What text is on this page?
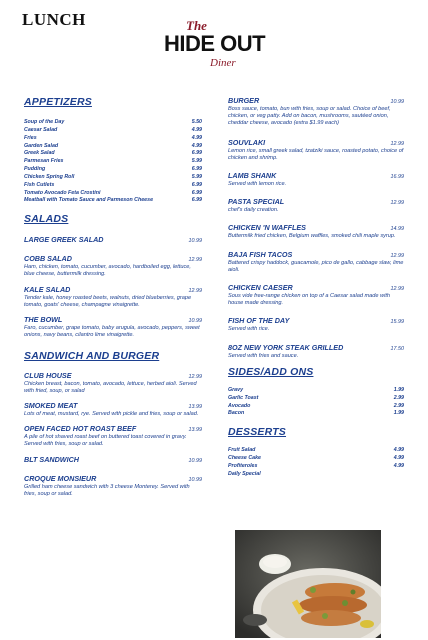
LUNCH	The
HIDE OUT
Diner
APPETIZERS
Soup of the Day	5.50
Caesar Salad	4.99
Fries	4.99
Garden Salad	4.99
Greek Salad	6.99
Parmesan Fries	5.99
Pudding	6.99
Chicken Spring Roll	5.99
Fish Cutlets	6.99
Tomato Avocado Feta Crostini	6.99
Meatball with Tomato Sauce and Parmeson Cheese	6.99
SALADS
LARGE GREEK SALAD	10.99
COBB SALAD	12.99
Ham, chicken, tomato, cucumber, avocado, hardboiled egg, lettuce, blue cheese, buttermilk dressing.
KALE SALAD	12.99
Tender kale, honey roasted beets, walnuts, dried blueberries, grape tomato, goats' cheese, champagne vinaigrette.
THE BOWL	10.99
Faro, cucumber, grape tomato, baby arugula, avocado, peppers, sweet onions, navy beans, cilantro lime vinaigrette.
SANDWICH AND BURGER
CLUB HOUSE	12.99
Chicken breast, bacon, tomato, avocado, lettuce, herbed aioli. Served with fried, soup, or salad
SMOKED MEAT	13.99
Lots of meat, mustard, rye. Served with pickle and fries, soup or salad.
OPEN FACED HOT ROAST BEEF	13.99
A pile of hot shaved roast beef on buttered toast covered in gravy. Served with fries, soup or salad.
BLT SANDWICH	10.99
CROQUE MONSIEUR	10.99
Grilled ham cheese sandwich with 3 cheese Monterey. Served with fries, soup or salad.
BURGER	10.99
Boss sauce, tomato, bun with fries, soup or salad. Choice of beef, chicken, or veg patty. Add on bacon, mushrooms, sautéed onion, cheddar cheese, avocado (extra $1.99 each)
SOUVLAKI	12.99
Lemon rice, small greek salad, tzatziki sauce, roasted potato, choice of chicken and shrimp.
LAMB SHANK	16.99
Served with lemon rice.
PASTA SPECIAL	12.99
chef's daily creation.
CHICKEN 'N WAFFLES	14.99
Buttermilk fried chicken, Belgium waffles, smoked chili maple syrup.
BAJA FISH TACOS	12.99
Battered crispy haddock, guacamole, pico de gallo, cabbage slaw, lime aioli.
CHICKEN CAESER	12.99
Sous vide free-range chicken on top of a Caesar salad made with house made dressing.
FISH OF THE DAY	15.99
Served with rice.
8OZ NEW YORK STEAK GRILLED	17.50
Served with fries and sauce.
SIDES/ADD ONS
Gravy	1.99
Garlic Toast	2.99
Avocado	2.99
Bacon	1.99
DESSERTS
Fruit Salad	4.99
Cheese Cake	4.99
Profiteroles	4.99
Daily Special
